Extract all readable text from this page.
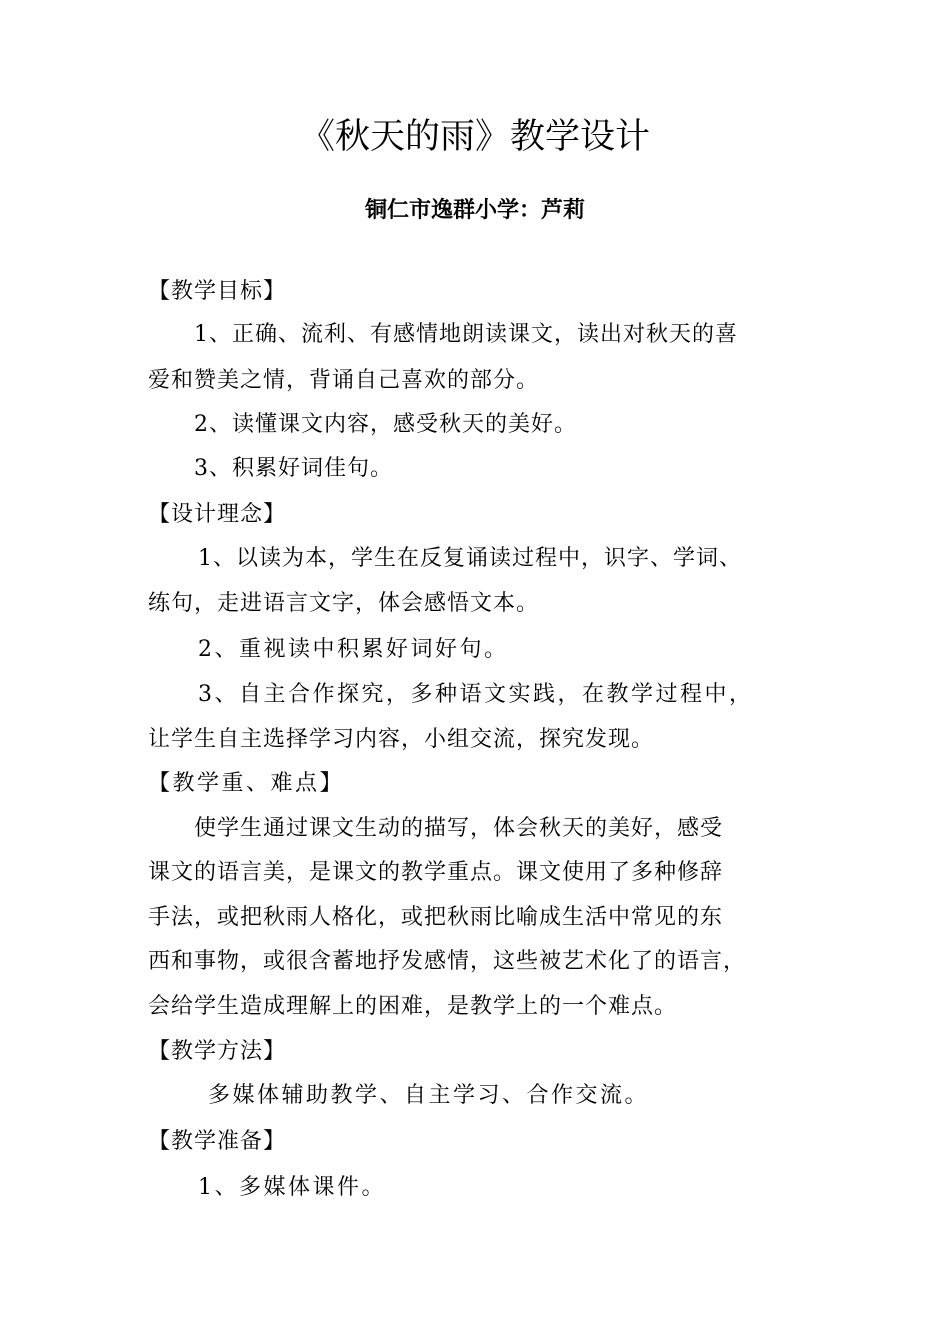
《秋天的雨》教学设计
铜仁市逸群小学：芦莉
【教学目标】
1、正确、流利、有感情地朗读课文，读出对秋天的喜
爱和赞美之情，背诵自己喜欢的部分。
2、读懂课文内容，感受秋天的美好。
3、积累好词佳句。
【设计理念】
1、以读为本，学生在反复诵读过程中，识字、学词、
练句，走进语言文字，体会感悟文本。
2、重视读中积累好词好句。
3、自主合作探究，多种语文实践，在教学过程中，
让学生自主选择学习内容，小组交流，探究发现。
【教学重、难点】
使学生通过课文生动的描写，体会秋天的美好，感受
课文的语言美，是课文的教学重点。课文使用了多种修辞
手法，或把秋雨人格化，或把秋雨比喻成生活中常见的东
西和事物，或很含蓄地抒发感情，这些被艺术化了的语言，
会给学生造成理解上的困难，是教学上的一个难点。
【教学方法】
多媒体辅助教学、自主学习、合作交流。
【教学准备】
1、多媒体课件。
